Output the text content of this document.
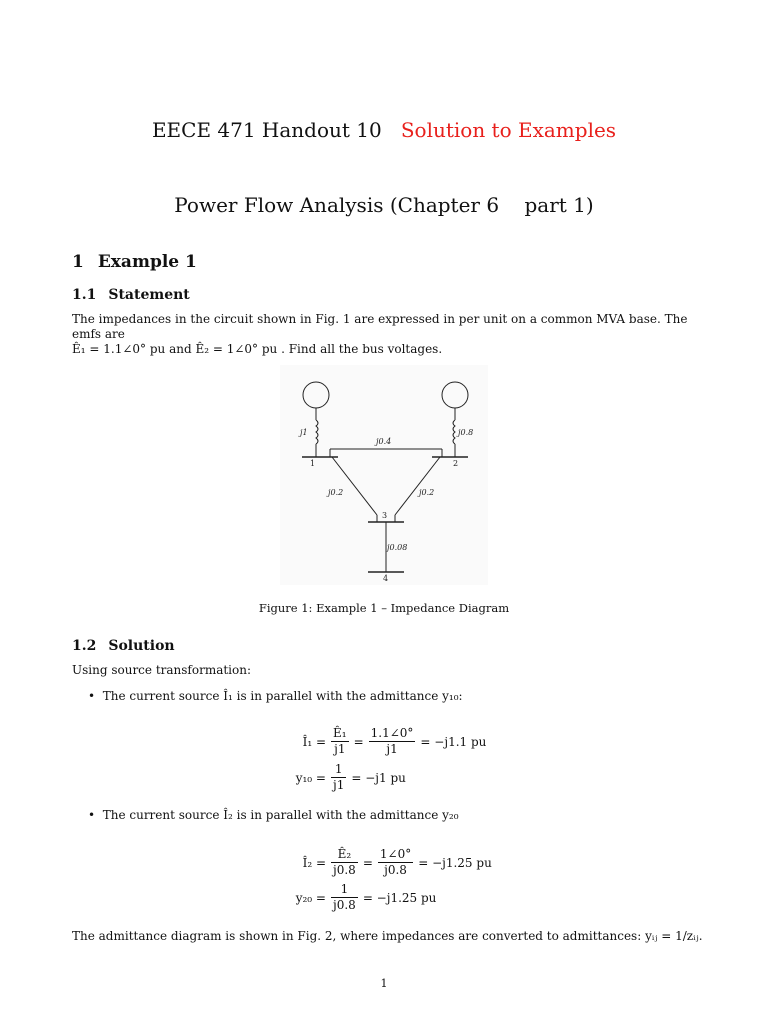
EECE 471 Handout 10 Solution to Examples
Power Flow Analysis (Chapter 6    part 1)
1 Example 1
1.1 Statement
The impedances in the circuit shown in Fig. 1 are expressed in per unit on a common MVA base. The emfs are
Ê₁ = 1.1∠0° pu and Ê₂ = 1∠0° pu . Find all the bus voltages.
j1	j0.8
j0.4
j0.2	j0.2
j0.08
1	2
3
4
Figure 1: Example 1 – Impedance Diagram
1.2 Solution
Using source transformation:
• The current source Î₁ is in parallel with the admittance y₁₀:
Î₁ = $\frac{\text{Ê₁}}{j1} = \frac{1.1\angle 0^\circ}{j1} = -j1.1$ pu
$y_{10} = \frac{1}{j1} = -j1$ pu
• The current source Î₂ is in parallel with the admittance y₂₀
Î₂ = $\frac{\text{Ê₂}}{j0.8} = \frac{1\angle 0^\circ}{j0.8} = -j1.25$ pu
$y_{20} = \frac{1}{j0.8} = -j1.25$ pu
The admittance diagram is shown in Fig. 2, where impedances are converted to admittances: yᵢⱼ = 1/zᵢⱼ.
1
